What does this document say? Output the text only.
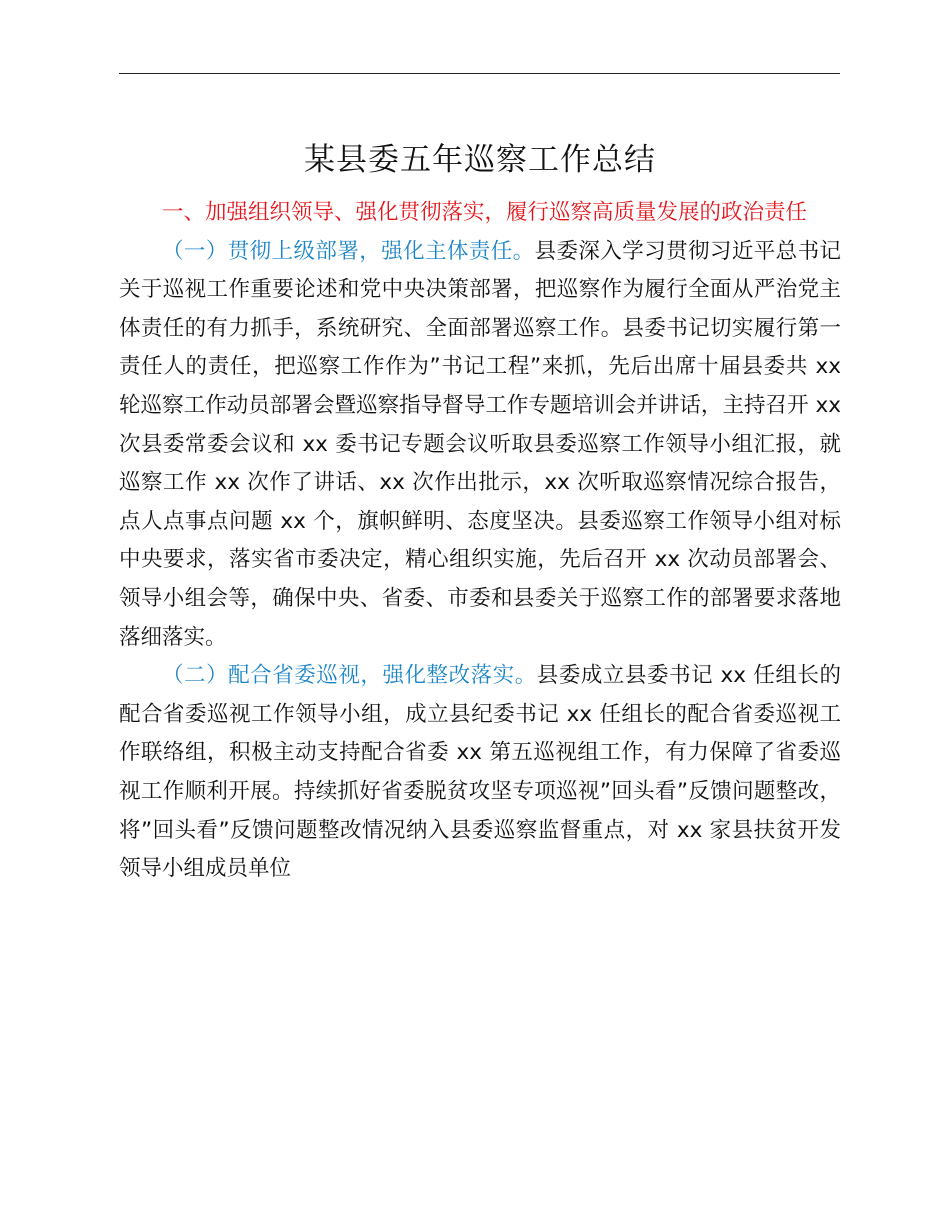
某县委五年巡察工作总结

一、加强组织领导、强化贯彻落实，履行巡察高质量发展的政治责任

（一）贯彻上级部署，强化主体责任。县委深入学习贯彻习近平总书记关于巡视工作重要论述和党中央决策部署，把巡察作为履行全面从严治党主体责任的有力抓手，系统研究、全面部署巡察工作。县委书记切实履行第一责任人的责任，把巡察工作作为”书记工程”来抓，先后出席十届县委共 xx 轮巡察工作动员部署会暨巡察指导督导工作专题培训会并讲话，主持召开 xx 次县委常委会议和 xx 委书记专题会议听取县委巡察工作领导小组汇报，就巡察工作 xx 次作了讲话、xx 次作出批示，xx 次听取巡察情况综合报告，点人点事点问题 xx 个，旗帜鲜明、态度坚决。县委巡察工作领导小组对标中央要求，落实省市委决定，精心组织实施，先后召开 xx 次动员部署会、领导小组会等，确保中央、省委、市委和县委关于巡察工作的部署要求落地落细落实。

（二）配合省委巡视，强化整改落实。县委成立县委书记 xx 任组长的配合省委巡视工作领导小组，成立县纪委书记 xx 任组长的配合省委巡视工作联络组，积极主动支持配合省委 xx 第五巡视组工作，有力保障了省委巡视工作顺利开展。持续抓好省委脱贫攻坚专项巡视”回头看”反馈问题整改，将”回头看”反馈问题整改情况纳入县委巡察监督重点，对 xx 家县扶贫开发领导小组成员单位
